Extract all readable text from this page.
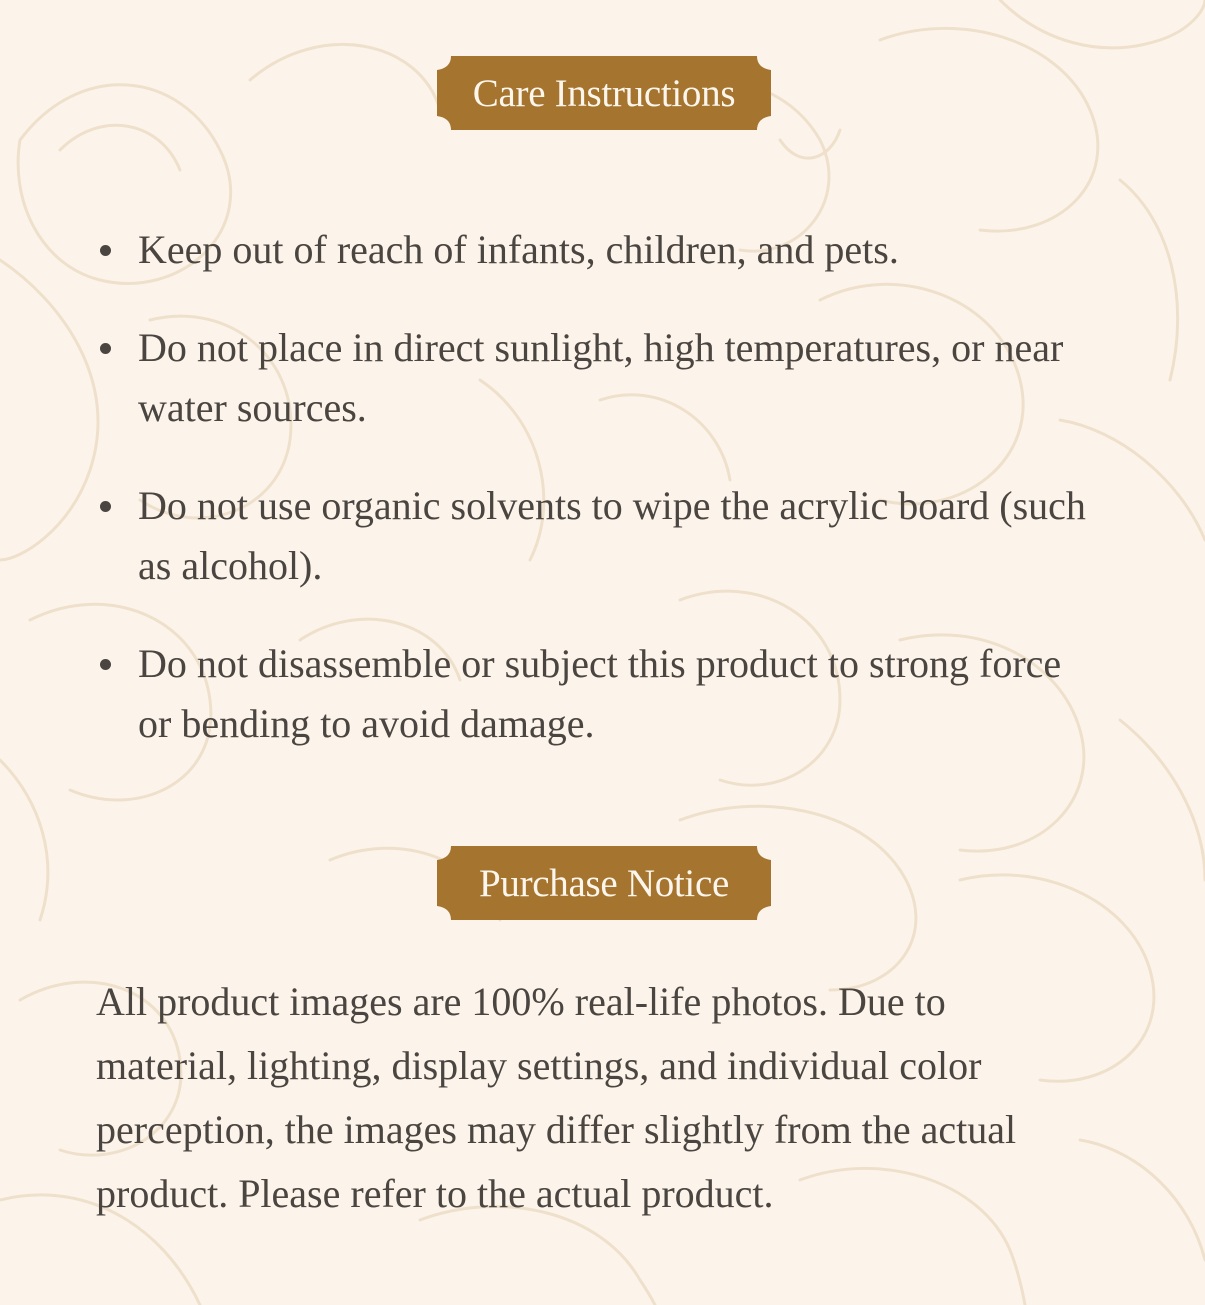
Care Instructions
Keep out of reach of infants, children, and pets.
Do not place in direct sunlight, high temperatures, or near water sources.
Do not use organic solvents to wipe the acrylic board (such as alcohol).
Do not disassemble or subject this product to strong force or bending to avoid damage.
Purchase Notice

All product images are 100% real-life photos. Due to material, lighting, display settings, and individual color perception, the images may differ slightly from the actual product. Please refer to the actual product.
